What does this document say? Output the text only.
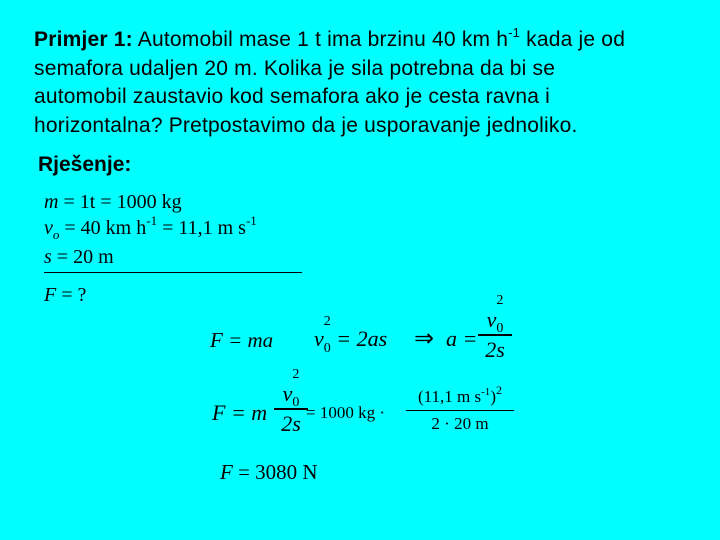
Primjer 1: Automobil mase 1 t ima brzinu 40 km $h^{-1}$ kada je od
semafora udaljen 20 m. Kolika je sila potrebna da bi se
automobil zaustavio kod semafora ako je cesta ravna i
horizontalna? Pretpostavimo da je usporavanje jednoliko.
Rješenje:
m = 1t = 1000 kg
$v_o = 40$ km $h^{-1} = 11,1$ m $s^{-1}$
s = 20 m
F = ?
F = ma v
2
$_0$ = 2as ⇒ a =
v
2
$_0$
2s
F = m
v
2
$_0$
2s = 1000 kg ·
(11,1 m $s^{-1})^2$
2 · 20 m
F = 3080 N
